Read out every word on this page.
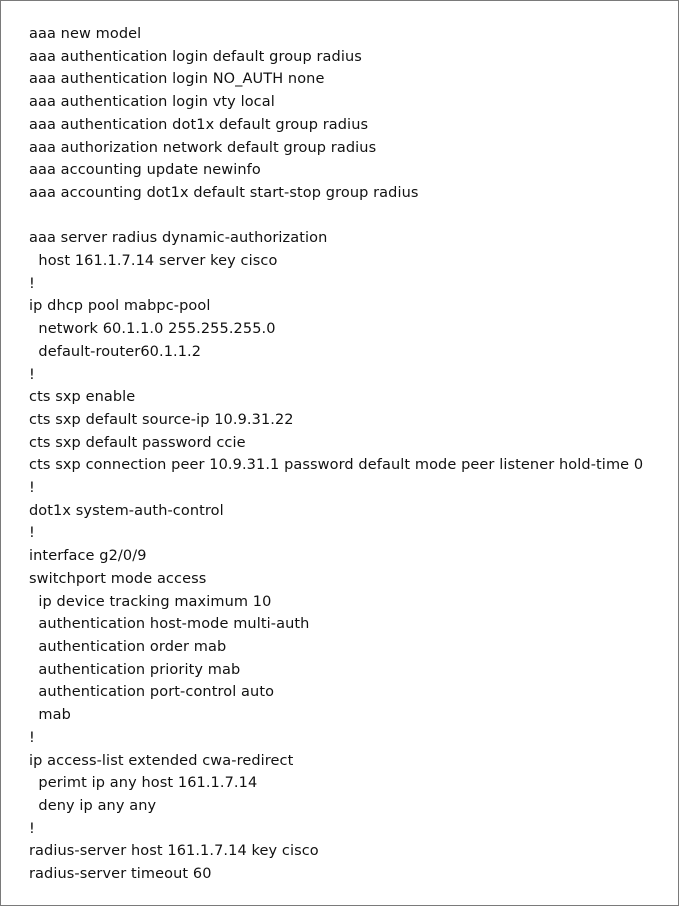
aaa new model
aaa authentication login default group radius
aaa authentication login NO_AUTH none
aaa authentication login vty local
aaa authentication dot1x default group radius
aaa authorization network default group radius
aaa accounting update newinfo
aaa accounting dot1x default start-stop group radius

aaa server radius dynamic-authorization
host 161.1.7.14 server key cisco
!
ip dhcp pool mabpc-pool
network 60.1.1.0 255.255.255.0
default-router60.1.1.2
!
cts sxp enable
cts sxp default source-ip 10.9.31.22
cts sxp default password ccie
cts sxp connection peer 10.9.31.1 password default mode peer listener hold-time 0
!
dot1x system-auth-control
!
interface g2/0/9
switchport mode access
ip device tracking maximum 10
authentication host-mode multi-auth
authentication order mab
authentication priority mab
authentication port-control auto
mab
!
ip access-list extended cwa-redirect
perimt ip any host 161.1.7.14
deny ip any any
!
radius-server host 161.1.7.14 key cisco
radius-server timeout 60
